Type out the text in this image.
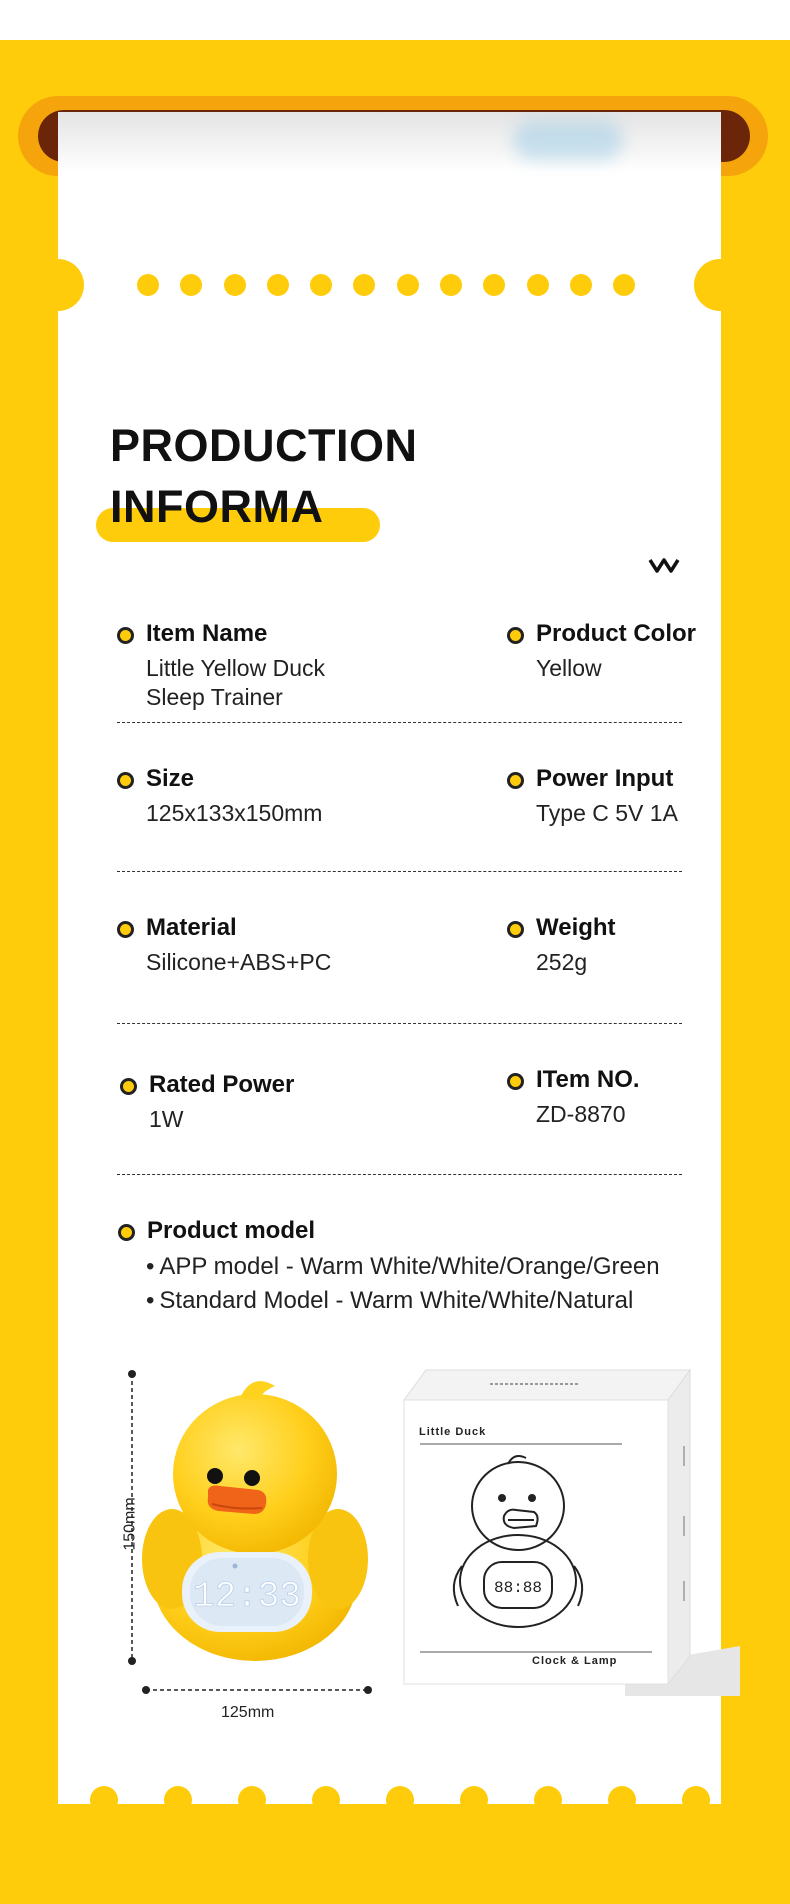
PRODUCTION
INFORMA
Item Name
Little Yellow Duck
Sleep Trainer
Product Color
Yellow
Size
125x133x150mm
Power Input
Type C 5V 1A
Material
Silicone+ABS+PC
Weight
252g
Rated Power
1W
ITem NO.
ZD-8870
Product model
• APP model - Warm White/White/Orange/Green
• Standard Model - Warm White/White/Natural
125mm
150mm
12:33	88:88
Little Duck
Clock & Lamp
